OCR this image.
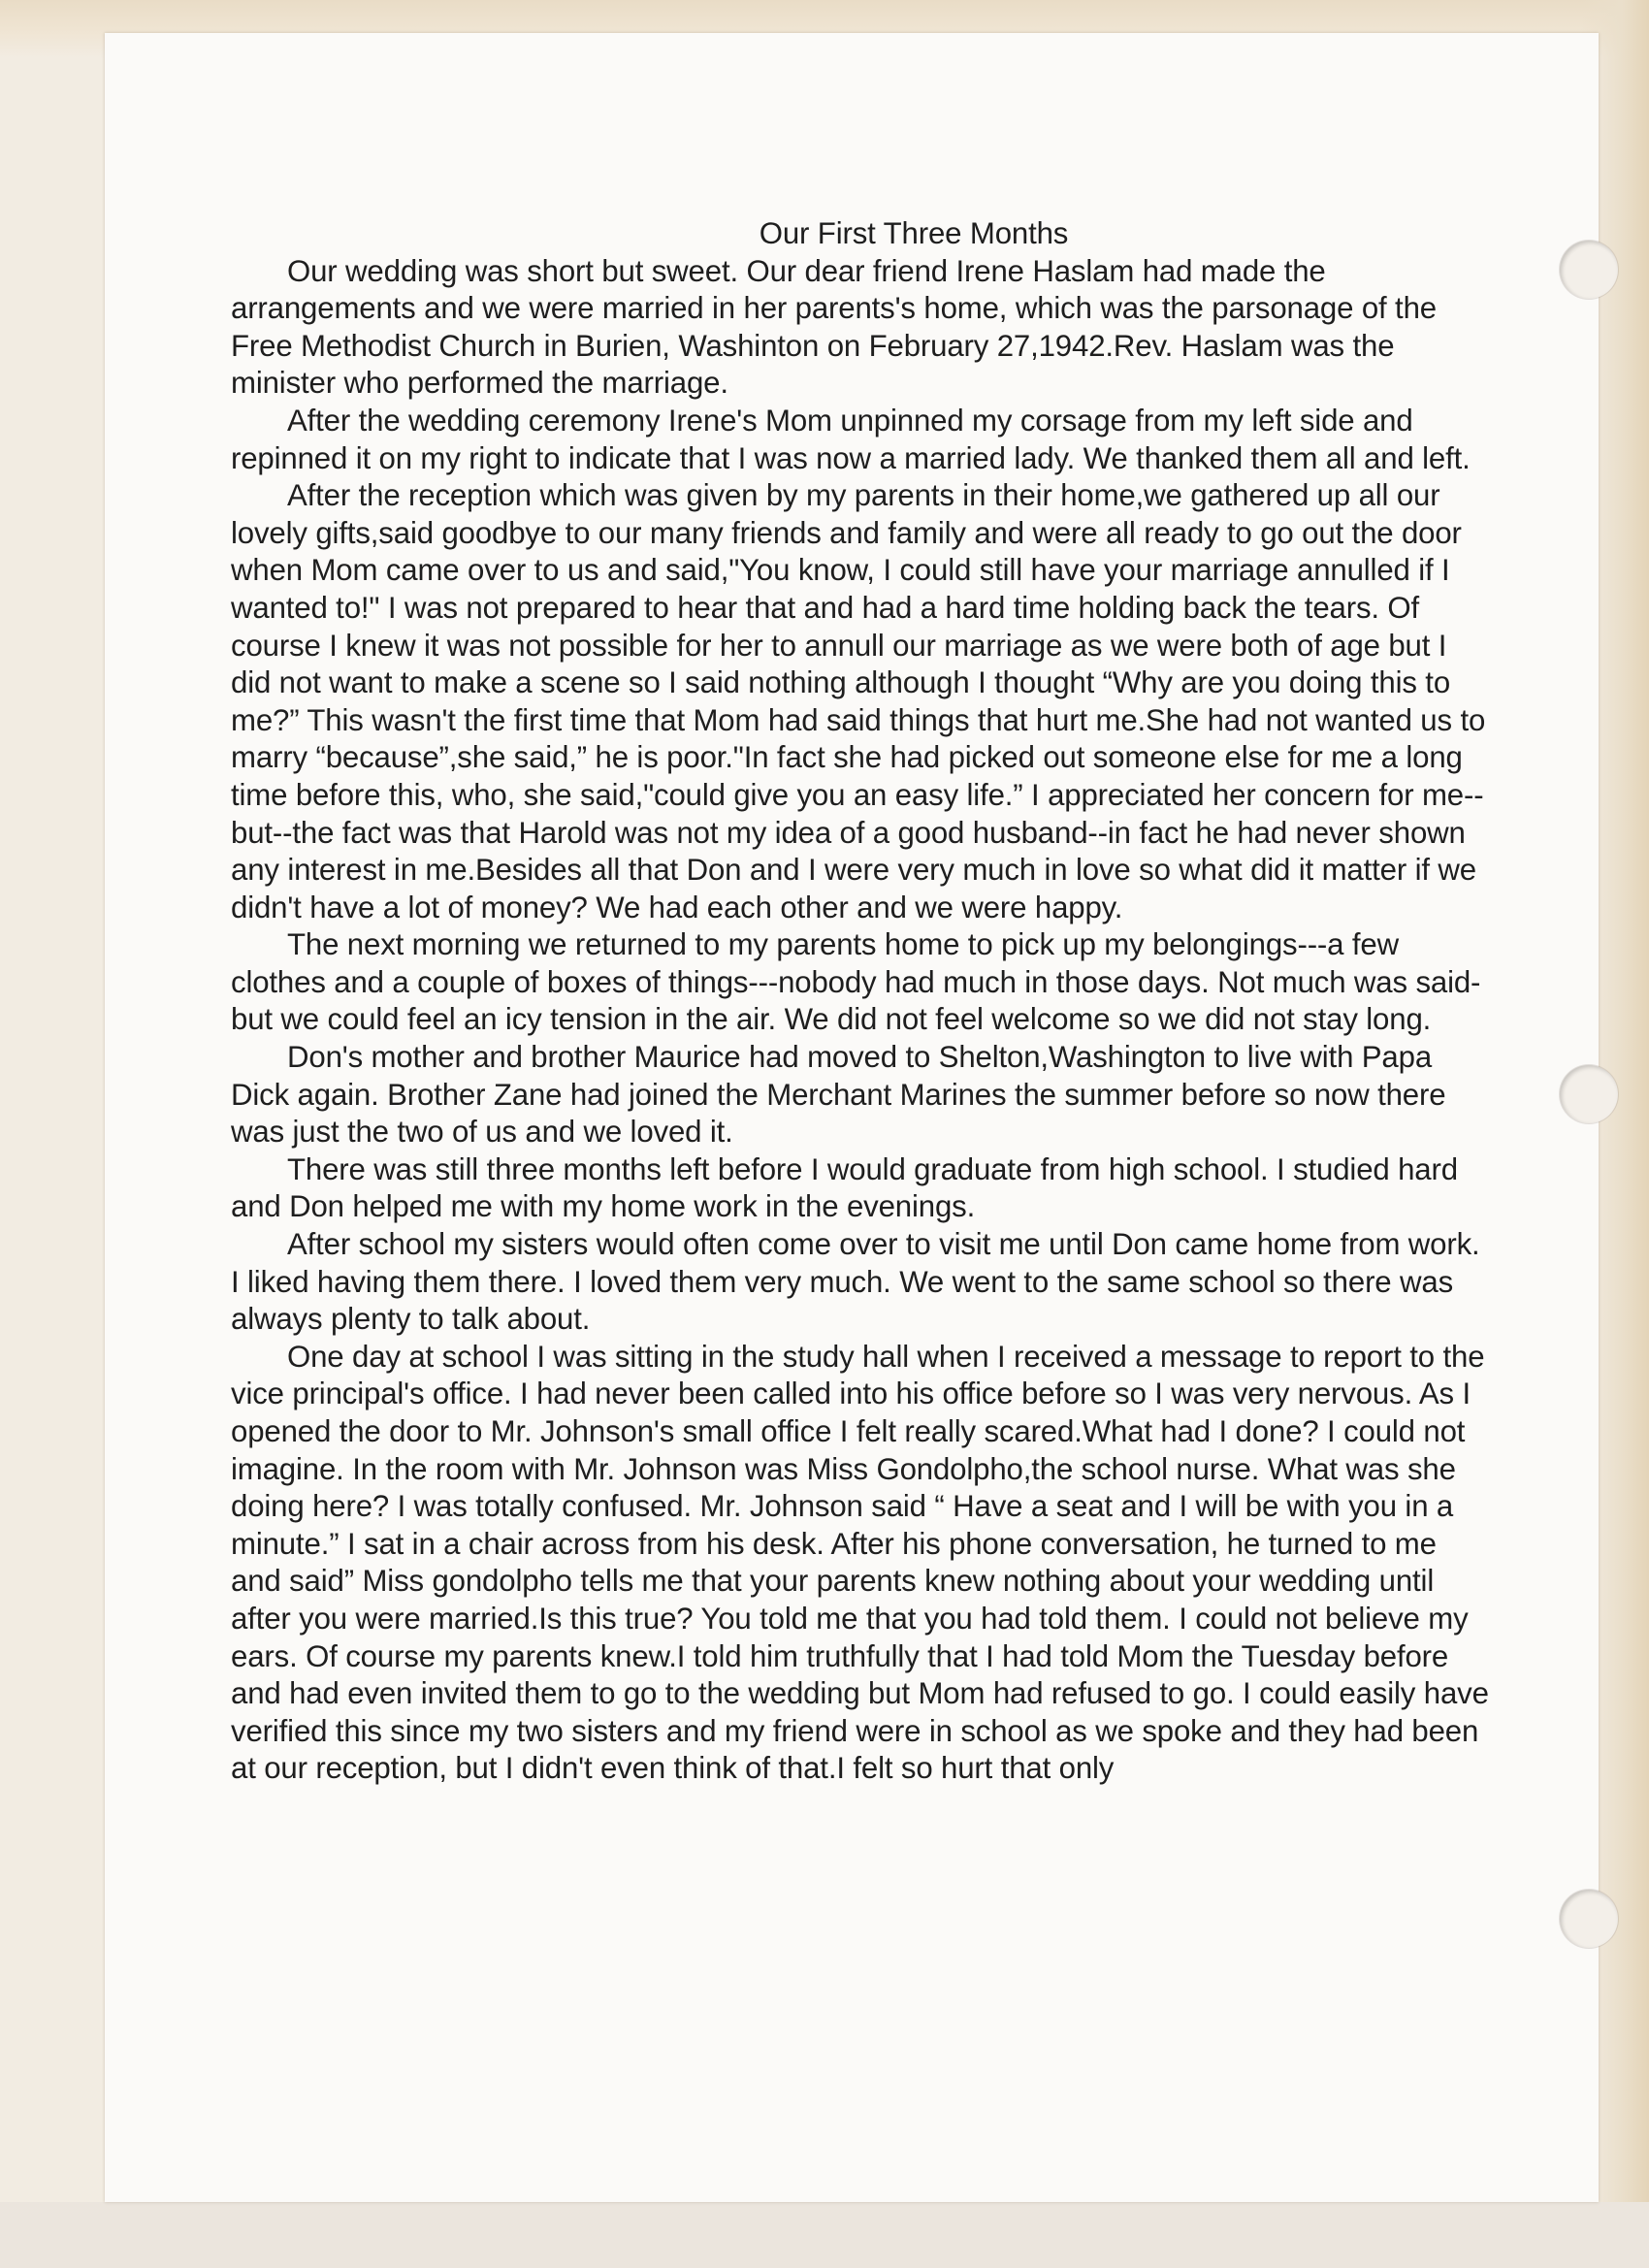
Our First Three Months

Our wedding was short but sweet. Our dear friend Irene Haslam had made the arrangements and we were married in her parents's home, which was the parsonage of the Free Methodist Church in Burien, Washinton on February 27,1942.Rev. Haslam was the minister who performed the marriage.

After the wedding ceremony Irene's Mom unpinned my corsage from my left side and repinned it on my right to indicate that I was now a married lady. We thanked them all and left.

After the reception which was given by my parents in their home,we gathered up all our lovely gifts,said goodbye to our many friends and family and were all ready to go out the door when Mom came over to us and said,"You know, I could still have your marriage annulled if I wanted to!" I was not prepared to hear that and had a hard time holding back the tears. Of course I knew it was not possible for her to annull our marriage as we were both of age but I did not want to make a scene so I said nothing although I thought “Why are you doing this to me?” This wasn't the first time that Mom had said things that hurt me.She had not wanted us to marry “because”,she said,” he is poor."In fact she had picked out someone else for me a long time before this, who, she said,"could give you an easy life.” I appreciated her concern for me--but--the fact was that Harold was not my idea of a good husband--in fact he had never shown any interest in me.Besides all that Don and I were very much in love so what did it matter if we didn't have a lot of money? We had each other and we were happy.

The next morning we returned to my parents home to pick up my belongings---a few clothes and a couple of boxes of things---nobody had much in those days. Not much was said-but we could feel an icy tension in the air. We did not feel welcome so we did not stay long.

Don's mother and brother Maurice had moved to Shelton,Washington to live with Papa Dick again. Brother Zane had joined the Merchant Marines the summer before so now there was just the two of us and we loved it.

There was still three months left before I would graduate from high school. I studied hard and Don helped me with my home work in the evenings.

After school my sisters would often come over to visit me until Don came home from work. I liked having them there. I loved them very much. We went to the same school so there was always plenty to talk about.

One day at school I was sitting in the study hall when I received a message to report to the vice principal's office. I had never been called into his office before so I was very nervous. As I opened the door to Mr. Johnson's small office I felt really scared.What had I done? I could not imagine. In the room with Mr. Johnson was Miss Gondolpho,the school nurse. What was she doing here? I was totally confused. Mr. Johnson said “ Have a seat and I will be with you in a minute.” I sat in a chair across from his desk. After his phone conversation, he turned to me and said” Miss gondolpho tells me that your parents knew nothing about your wedding until after you were married.Is this true? You told me that you had told them. I could not believe my ears. Of course my parents knew.I told him truthfully that I had told Mom the Tuesday before and had even invited them to go to the wedding but Mom had refused to go. I could easily have verified this since my two sisters and my friend were in school as we spoke and they had been at our reception, but I didn't even think of that.I felt so hurt that only
